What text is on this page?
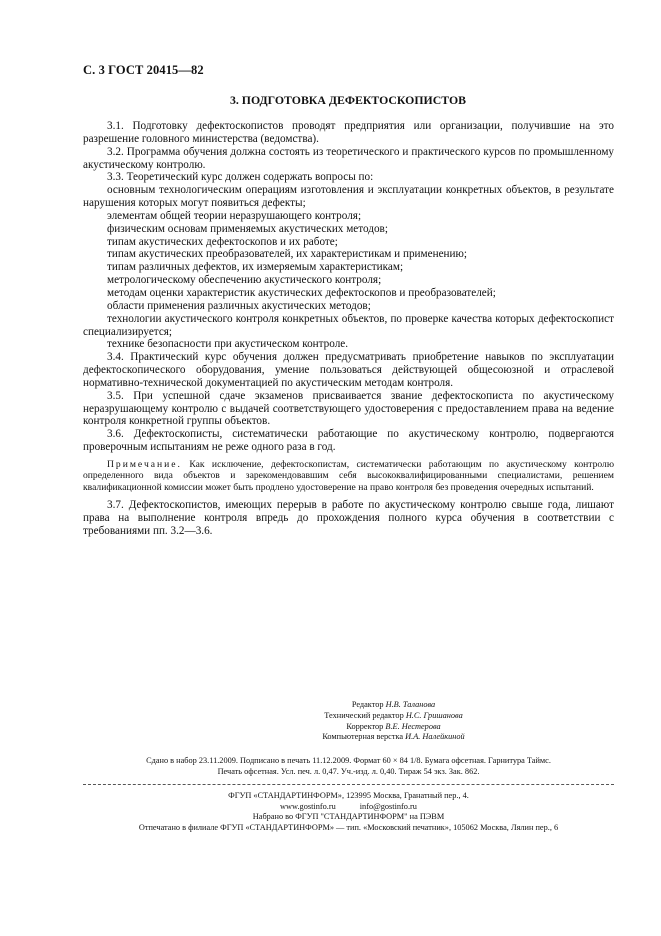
С. 3 ГОСТ 20415—82
3. ПОДГОТОВКА ДЕФЕКТОСКОПИСТОВ

3.1. Подготовку дефектоскопистов проводят предприятия или организации, получившие на это разрешение головного министерства (ведомства).

3.2. Программа обучения должна состоять из теоретического и практического курсов по промышленному акустическому контролю.

3.3. Теоретический курс должен содержать вопросы по:

основным технологическим операциям изготовления и эксплуатации конкретных объектов, в результате нарушения которых могут появиться дефекты;

элементам общей теории неразрушающего контроля;

физическим основам применяемых акустических методов;

типам акустических дефектоскопов и их работе;

типам акустических преобразователей, их характеристикам и применению;

типам различных дефектов, их измеряемым характеристикам;

метрологическому обеспечению акустического контроля;

методам оценки характеристик акустических дефектоскопов и преобразователей;

области применения различных акустических методов;

технологии акустического контроля конкретных объектов, по проверке качества которых дефектоскопист специализируется;

технике безопасности при акустическом контроле.

3.4. Практический курс обучения должен предусматривать приобретение навыков по эксплуатации дефектоскопического оборудования, умение пользоваться действующей общесоюзной и отраслевой нормативно-технической документацией по акустическим методам контроля.

3.5. При успешной сдаче экзаменов присваивается звание дефектоскописта по акустическому неразрушающему контролю с выдачей соответствующего удостоверения с предоставлением права на ведение контроля конкретной группы объектов.

3.6. Дефектоскописты, систематически работающие по акустическому контролю, подвергаются проверочным испытаниям не реже одного раза в год.

Примечание. Как исключение, дефектоскопистам, систематически работающим по акустическому контролю определенного вида объектов и зарекомендовавшим себя высококвалифицированными специалистами, решением квалификационной комиссии может быть продлено удостоверение на право контроля без проведения очередных испытаний.

3.7. Дефектоскопистов, имеющих перерыв в работе по акустическому контролю свыше года, лишают права на выполнение контроля впредь до прохождения полного курса обучения в соответствии с требованиями пп. 3.2—3.6.

Редактор Н.В. Таланова
Технический редактор Н.С. Гришанова
Корректор В.Е. Нестерова
Компьютерная верстка И.А. Налейкиной
Сдано в набор 23.11.2009. Подписано в печать 11.12.2009. Формат 60 × 84 1/8. Бумага офсетная. Гарнитура Таймс.
Печать офсетная. Усл. печ. л. 0,47. Уч.-изд. л. 0,40. Тираж 54 экз. Зак. 862.
ФГУП «СТАНДАРТИНФОРМ», 123995 Москва, Гранатный пер., 4.
www.gostinfo.ru	info@gostinfo.ru
Набрано во ФГУП "СТАНДАРТИНФОРМ" на ПЭВМ
Отпечатано в филиале ФГУП «СТАНДАРТИНФОРМ» — тип. «Московский печатник», 105062 Москва, Лялин пер., 6
